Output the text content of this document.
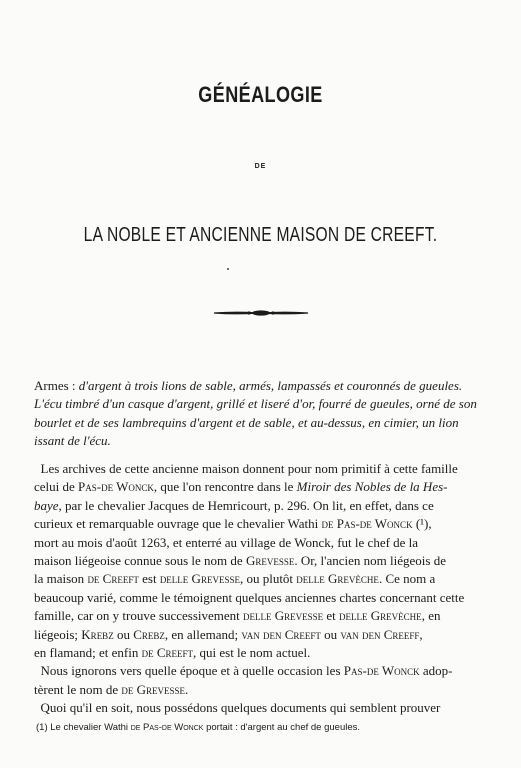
GÉNÉALOGIE
DE
LA NOBLE ET ANCIENNE MAISON DE CREEFT.

Armes : d'argent à trois lions de sable, armés, lampassés et couronnés de gueules.
L'écu timbré d'un casque d'argent, grillé et liseré d'or, fourré de gueules, orné de son
bourlet et de ses lambrequins d'argent et de sable, et au-dessus, en cimier, un lion
issant de l'écu.

Les archives de cette ancienne maison donnent pour nom primitif à cette famille
celui de Pas-de Wonck, que l'on rencontre dans le Miroir des Nobles de la Hes-
baye, par le chevalier Jacques de Hemricourt, p. 296. On lit, en effet, dans ce
curieux et remarquable ouvrage que le chevalier Wathi de Pas-de Wonck (¹),
mort au mois d'août 1263, et enterré au village de Wonck, fut le chef de la
maison liégeoise connue sous le nom de Grevesse. Or, l'ancien nom liégeois de
la maison de Creeft est delle Grevesse, ou plutôt delle Grevèche. Ce nom a
beaucoup varié, comme le témoignent quelques anciennes chartes concernant cette
famille, car on y trouve successivement delle Grevesse et delle Grevèche, en
liégeois; Krebz ou Crebz, en allemand; van den Creeft ou van den Creeff,
en flamand; et enfin de Creeft, qui est le nom actuel.

Nous ignorons vers quelle époque et à quelle occasion les Pas-de Wonck adop-
tèrent le nom de de Grevesse.

Quoi qu'il en soit, nous possédons quelques documents qui semblent prouver

(1) Le chevalier Wathi de Pas-de Wonck portait : d'argent au chef de gueules.
